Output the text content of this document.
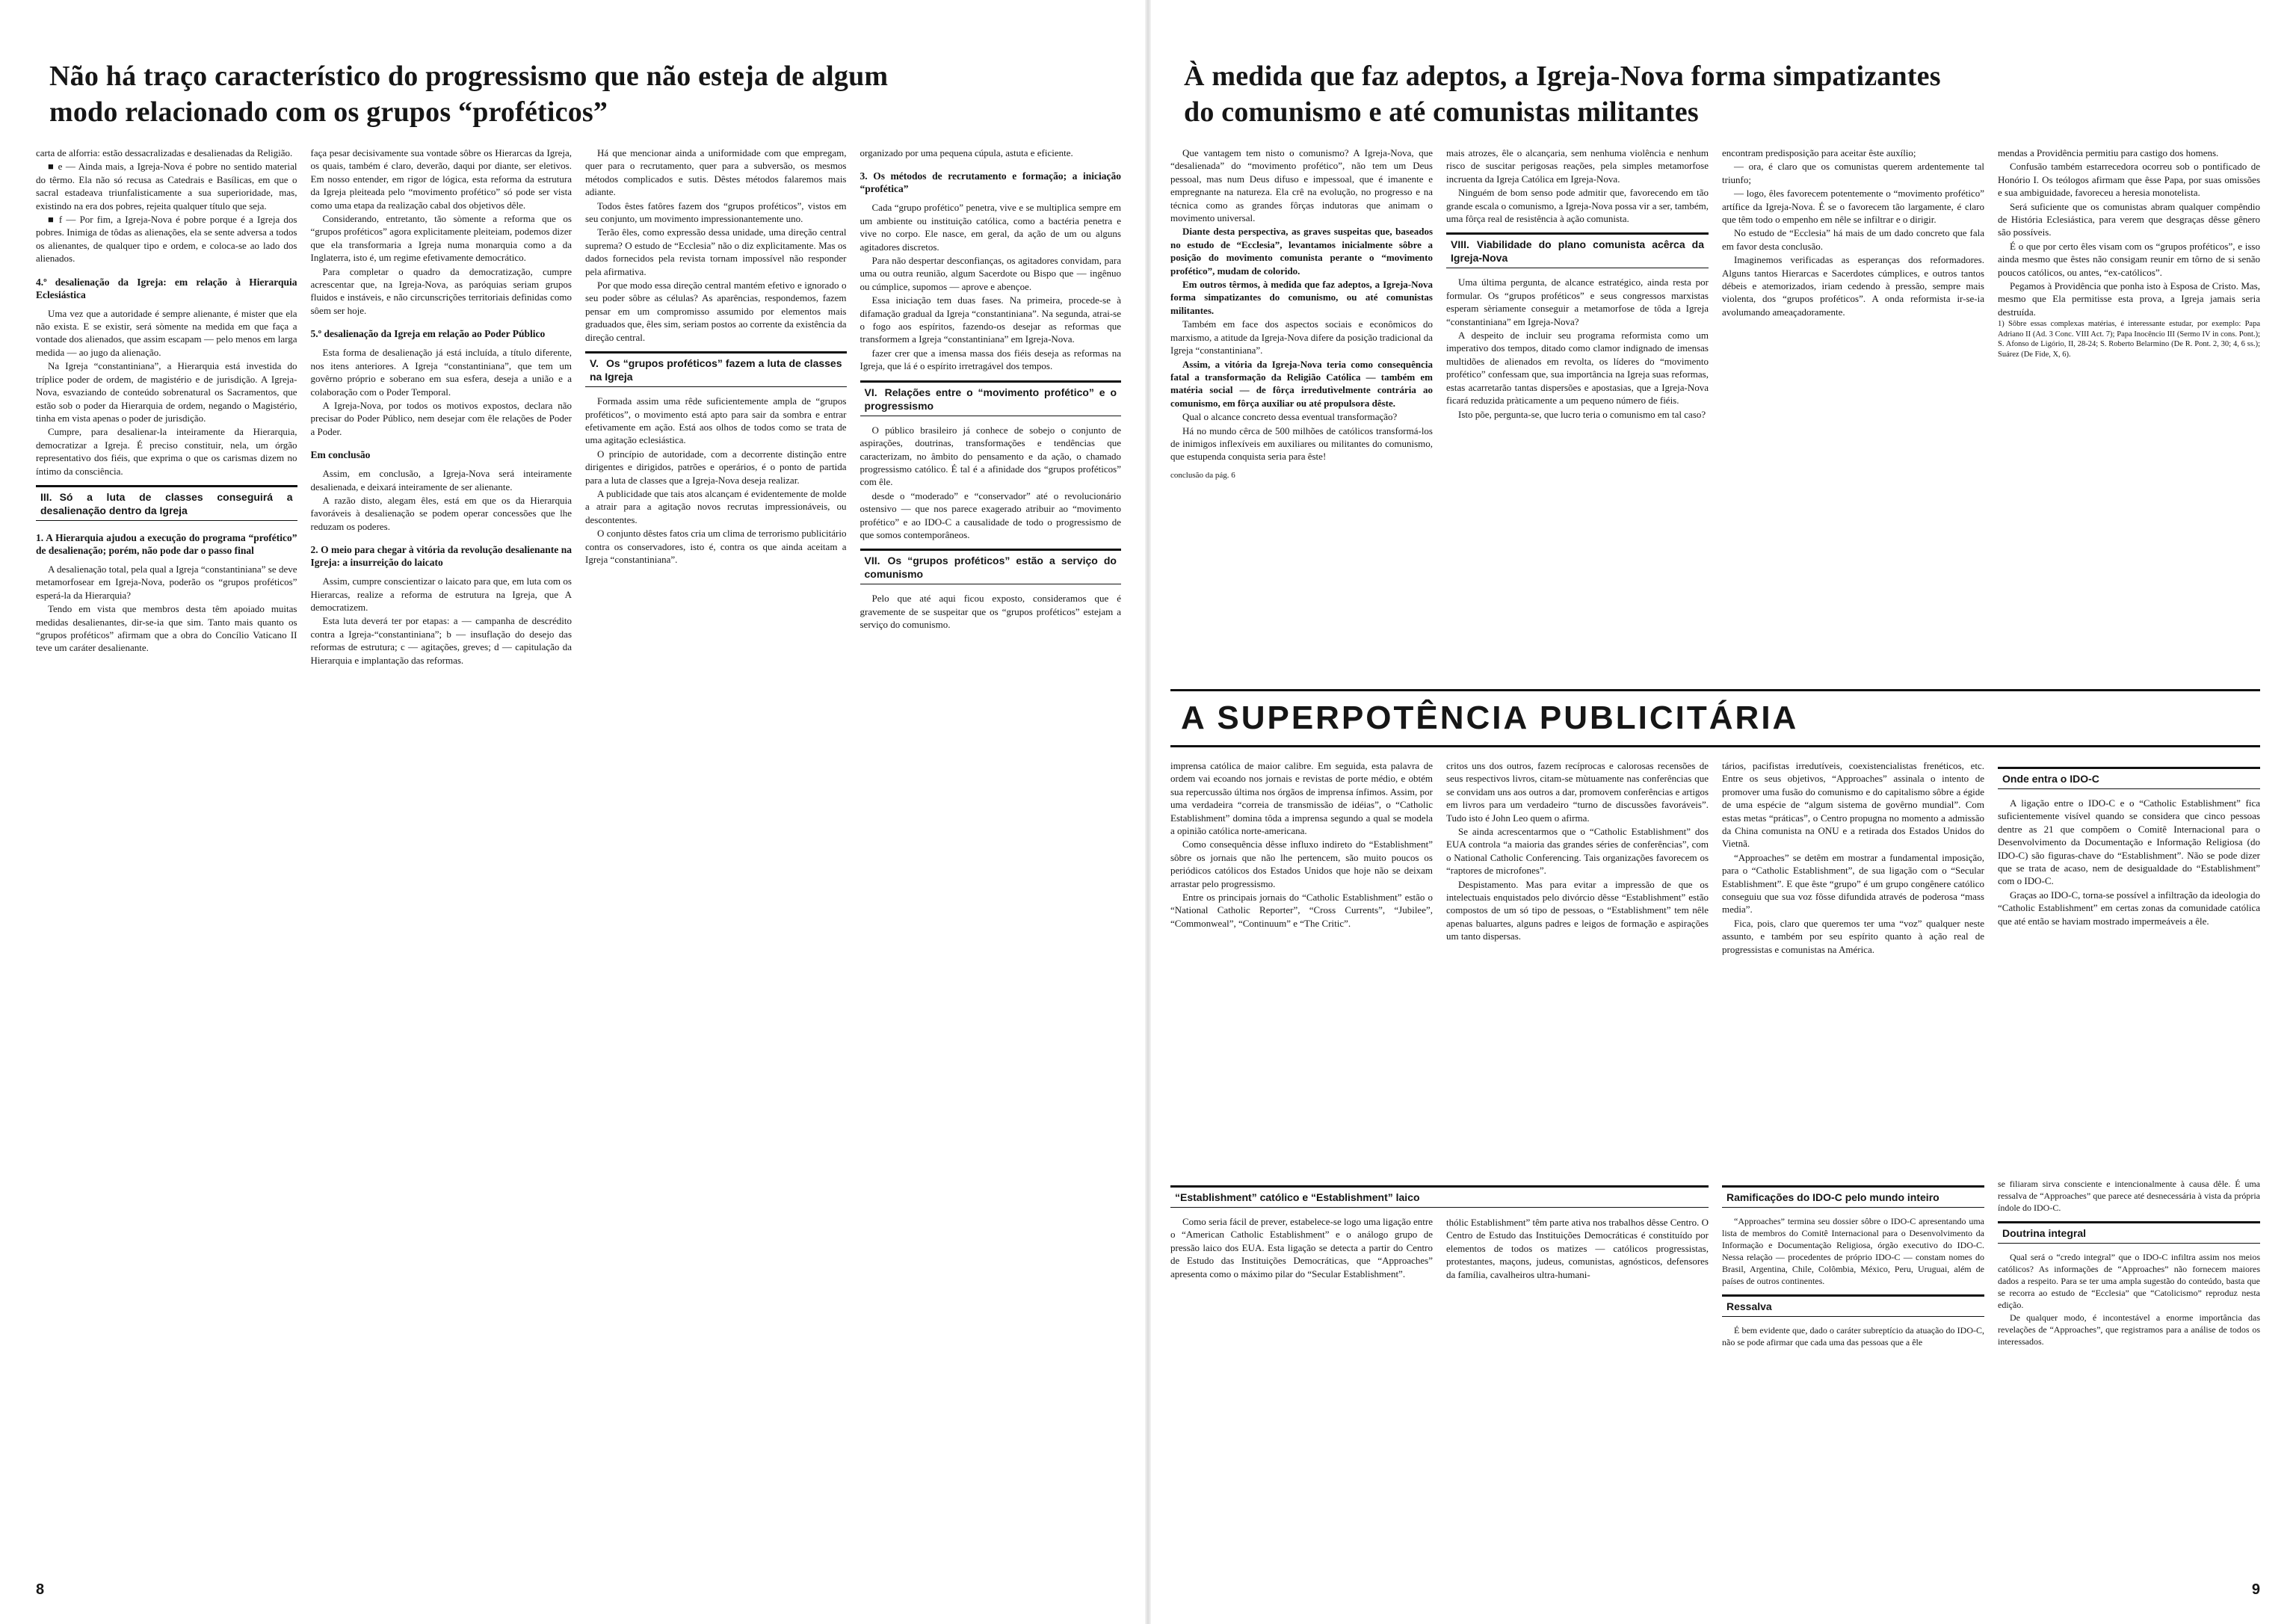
Não há traço característico do progressismo que não esteja de algum modo relacionado com os grupos “proféticos”

carta de alforria: estão dessacralizadas e desalienadas da Religião.

■ e — Ainda mais, a Igreja-Nova é pobre no sentido material do têrmo. Ela não só recusa as Catedrais e Basílicas, em que o sacral estadeava triunfalisticamente a sua superioridade, mas, existindo na era dos pobres, rejeita qualquer título que seja.

■ f — Por fim, a Igreja-Nova é pobre porque é a Igreja dos pobres. Inimiga de tôdas as alienações, ela se sente adversa a todos os alienantes, de qualquer tipo e ordem, e coloca-se ao lado dos alienados.

4.º desalienação da Igreja: em relação à Hierarquia Eclesiástica

Uma vez que a autoridade é sempre alienante, é mister que ela não exista. E se existir, será sòmente na medida em que faça a vontade dos alienados, que assim escapam — pelo menos em larga medida — ao jugo da alienação.

Na Igreja “constantiniana”, a Hierarquia está investida do tríplice poder de ordem, de magistério e de jurisdição. A Igreja-Nova, esvaziando de conteúdo sobrenatural os Sacramentos, que estão sob o poder da Hierarquia de ordem, negando o Magistério, tinha em vista apenas o poder de jurisdição.

Cumpre, para desalienar-la inteiramente da Hierarquia, democratizar a Igreja. É preciso constituir, nela, um órgão representativo dos fiéis, que exprima o que os carismas dizem no íntimo da consciência.

III. Só a luta de classes conseguirá a desalienação dentro da Igreja
1. A Hierarquia ajudou a execução do programa “profético” de desalienação; porém, não pode dar o passo final

A desalienação total, pela qual a Igreja “constantiniana” se deve metamorfosear em Igreja-Nova, poderão os “grupos proféticos” esperá-la da Hierarquia?

Tendo em vista que membros desta têm apoiado muitas medidas desalienantes, dir-se-ia que sim. Tanto mais quanto os “grupos proféticos” afirmam que a obra do Concílio Vaticano II teve um caráter desalienante.

faça pesar decisivamente sua vontade sôbre os Hierarcas da Igreja, os quais, também é claro, deverão, daqui por diante, ser eletivos. Em nosso entender, em rigor de lógica, esta reforma da estrutura da Igreja pleiteada pelo “movimento profético” só pode ser vista como uma etapa da realização cabal dos objetivos dêle.

Considerando, entretanto, tão sòmente a reforma que os “grupos proféticos” agora explicitamente pleiteiam, podemos dizer que ela transformaria a Igreja numa monarquia como a da Inglaterra, isto é, um regime efetivamente democrático.

Para completar o quadro da democratização, cumpre acrescentar que, na Igreja-Nova, as paróquias seriam grupos fluidos e instáveis, e não circunscrições territoriais definidas como sôem ser hoje.

5.º desalienação da Igreja em relação ao Poder Público

Esta forma de desalienação já está incluída, a título diferente, nos itens anteriores. A Igreja “constantiniana”, que tem um govêrno próprio e soberano em sua esfera, deseja a união e a colaboração com o Poder Temporal.

A Igreja-Nova, por todos os motivos expostos, declara não precisar do Poder Público, nem desejar com êle relações de Poder a Poder.

Em conclusão

Assim, em conclusão, a Igreja-Nova será inteiramente desalienada, e deixará inteiramente de ser alienante.

A razão disto, alegam êles, está em que os da Hierarquia favoráveis à desalienação se podem operar concessões que lhe reduzam os poderes.

2. O meio para chegar à vitória da revolução desalienante na Igreja: a insurreição do laicato

Assim, cumpre conscientizar o laicato para que, em luta com os Hierarcas, realize a reforma de estrutura na Igreja, que A democratizem.

Esta luta deverá ter por etapas: a — campanha de descrédito contra a Igreja-“constantiniana”; b — insuflação do desejo das reformas de estrutura; c — agitações, greves; d — capitulação da Hierarquia e implantação das reformas.

Há que mencionar ainda a uniformidade com que empregam, quer para o recrutamento, quer para a subversão, os mesmos métodos complicados e sutis. Dêstes métodos falaremos mais adiante.

Todos êstes fatôres fazem dos “grupos proféticos”, vistos em seu conjunto, um movimento impressionantemente uno.

Terão êles, como expressão dessa unidade, uma direção central suprema? O estudo de “Ecclesia” não o diz explìcitamente. Mas os dados fornecidos pela revista tornam impossível não responder pela afirmativa.

Por que modo essa direção central mantém efetivo e ignorado o seu poder sôbre as células? As aparências, respondemos, fazem pensar em um compromisso assumido por elementos mais graduados que, êles sim, seriam postos ao corrente da existência da direção central.

V. Os “grupos proféticos” fazem a luta de classes na Igreja

Formada assim uma rêde suficientemente ampla de “grupos proféticos”, o movimento está apto para sair da sombra e entrar efetivamente em ação. Está aos olhos de todos como se trata de uma agitação eclesiástica.

O princípio de autoridade, com a decorrente distinção entre dirigentes e dirigidos, patrões e operários, é o ponto de partida para a luta de classes que a Igreja-Nova deseja realizar.

A publicidade que tais atos alcançam é evidentemente de molde a atrair para a agitação novos recrutas impressionáveis, ou descontentes.

O conjunto dêstes fatos cria um clima de terrorismo publicitário contra os conservadores, isto é, contra os que ainda aceitam a Igreja “constantiniana”.

organizado por uma pequena cúpula, astuta e eficiente.

3. Os métodos de recrutamento e formação; a iniciação “profética”

Cada “grupo profético” penetra, vive e se multiplica sempre em um ambiente ou instituição católica, como a bactéria penetra e vive no corpo. Ele nasce, em geral, da ação de um ou alguns agitadores discretos.

Para não despertar desconfianças, os agitadores convidam, para uma ou outra reunião, algum Sacerdote ou Bispo que — ingênuo ou cúmplice, supomos — aprove e abençoe.

Essa iniciação tem duas fases. Na primeira, procede-se à difamação gradual da Igreja “constantiniana”. Na segunda, atrai-se o fogo aos espíritos, fazendo-os desejar as reformas que transformem a Igreja “constantiniana” em Igreja-Nova.

fazer crer que a imensa massa dos fiéis deseja as reformas na Igreja, que lá é o espírito irretragável dos tempos.

VI. Relações entre o “movimento profético” e o progressismo

O público brasileiro já conhece de sobejo o conjunto de aspirações, doutrinas, transformações e tendências que caracterizam, no âmbito do pensamento e da ação, o chamado progressismo católico. É tal é a afinidade dos “grupos proféticos” com êle.

desde o “moderado” e “conservador” até o revolucionário ostensivo — que nos parece exagerado atribuir ao “movimento profético” e ao IDO-C a causalidade de todo o progressismo de que somos contemporâneos.

VII. Os “grupos proféticos” estão a serviço do comunismo

Pelo que até aqui ficou exposto, consideramos que é gravemente de se suspeitar que os “grupos proféticos” estejam a serviço do comunismo.

8
À medida que faz adeptos, a Igreja-Nova forma simpatizantes do comunismo e até comunistas militantes

Que vantagem tem nisto o comunismo? A Igreja-Nova, que “desalienada” do “movimento profético”, não tem um Deus pessoal, mas num Deus difuso e impessoal, que é imanente e empregnante na natureza. Ela crê na evolução, no progresso e na técnica como as grandes fôrças indutoras que animam o movimento universal.

Diante desta perspectiva, as graves suspeitas que, baseados no estudo de “Ecclesia”, levantamos inicialmente sôbre a posição do movimento comunista perante o “movimento profético”, mudam de colorido.

Em outros têrmos, à medida que faz adeptos, a Igreja-Nova forma simpatizantes do comunismo, ou até comunistas militantes.

Também em face dos aspectos sociais e econômicos do marxismo, a atitude da Igreja-Nova difere da posição tradicional da Igreja “constantiniana”.

Assim, a vitória da Igreja-Nova teria como consequência fatal a transformação da Religião Católica — também em matéria social — de fôrça irredutìvelmente contrária ao comunismo, em fôrça auxiliar ou até propulsora dêste.

Qual o alcance concreto dessa eventual transformação?

Há no mundo cêrca de 500 milhões de católicos transformá-los de inimigos inflexíveis em auxiliares ou militantes do comunismo, que estupenda conquista seria para êste!

conclusão da pág. 6

mais atrozes, êle o alcançaria, sem nenhuma violência e nenhum risco de suscitar perigosas reações, pela simples metamorfose incruenta da Igreja Católica em Igreja-Nova.

Ninguém de bom senso pode admitir que, favorecendo em tão grande escala o comunismo, a Igreja-Nova possa vir a ser, também, uma fôrça real de resistência à ação comunista.

VIII. Viabilidade do plano comunista acêrca da Igreja-Nova

Uma última pergunta, de alcance estratégico, ainda resta por formular. Os “grupos proféticos” e seus congressos marxistas esperam sèriamente conseguir a metamorfose de tôda a Igreja “constantiniana” em Igreja-Nova?

A despeito de incluir seu programa reformista como um imperativo dos tempos, ditado como clamor indignado de imensas multidões de alienados em revolta, os líderes do “movimento profético” confessam que, sua importância na Igreja suas reformas, estas acarretarão tantas dispersões e apostasias, que a Igreja-Nova ficará reduzida pràticamente a um pequeno número de fiéis.

Isto põe, pergunta-se, que lucro teria o comunismo em tal caso?

encontram predisposição para aceitar êste auxílio;

— ora, é claro que os comunistas querem ardentemente tal triunfo;

— logo, êles favorecem potentemente o “movimento profético” artífice da Igreja-Nova. É se o favorecem tão largamente, é claro que têm todo o empenho em nêle se infiltrar e o dirigir.

No estudo de “Ecclesia” há mais de um dado concreto que fala em favor desta conclusão.

Imaginemos verificadas as esperanças dos reformadores. Alguns tantos Hierarcas e Sacerdotes cúmplices, e outros tantos débeis e atemorizados, iriam cedendo à pressão, sempre mais violenta, dos “grupos proféticos”. A onda reformista ir-se-ia avolumando ameaçadoramente.

mendas a Providência permitiu para castigo dos homens.

Confusão também estarrecedora ocorreu sob o pontificado de Honório I. Os teólogos afirmam que êsse Papa, por suas omissões e sua ambiguidade, favoreceu a heresia monotelista.

Será suficiente que os comunistas abram qualquer compêndio de História Eclesiástica, para verem que desgraças dêsse gênero são possíveis.

É o que por certo êles visam com os “grupos proféticos”, e isso ainda mesmo que êstes não consigam reunir em tôrno de si senão poucos católicos, ou antes, “ex-católicos”.

Pegamos à Providência que ponha isto à Esposa de Cristo. Mas, mesmo que Ela permitisse esta prova, a Igreja jamais seria destruída.

1) Sôbre essas complexas matérias, é interessante estudar, por exemplo: Papa Adriano II (Ad. 3 Conc. VIII Act. 7); Papa Inocêncio III (Sermo IV in cons. Pont.); S. Afonso de Ligório, II, 28-24; S. Roberto Belarmino (De R. Pont. 2, 30; 4, 6 ss.); Suárez (De Fide, X, 6).

A SUPERPOTÊNCIA PUBLICITÁRIA

imprensa católica de maior calibre. Em seguida, esta palavra de ordem vai ecoando nos jornais e revistas de porte médio, e obtém sua repercussão última nos órgãos de imprensa ínfimos. Assim, por uma verdadeira “correia de transmissão de idéias”, o “Catholic Establishment” domina tôda a imprensa segundo a qual se modela a opinião católica norte-americana.

Como consequência dêsse influxo indireto do “Establishment” sôbre os jornais que não lhe pertencem, são muito poucos os periódicos católicos dos Estados Unidos que hoje não se deixam arrastar pelo progressismo.

Entre os principais jornais do “Catholic Establishment” estão o “National Catholic Reporter”, “Cross Currents”, “Jubilee”, “Commonweal”, “Continuum” e “The Critic”.

critos uns dos outros, fazem recíprocas e calorosas recensões de seus respectivos livros, citam-se mùtuamente nas conferências que se convidam uns aos outros a dar, promovem conferências e artigos em livros para um verdadeiro “turno de discussões favoráveis”. Tudo isto é John Leo quem o afirma.

Se ainda acrescentarmos que o “Catholic Establishment” dos EUA controla “a maioria das grandes séries de conferências”, com o National Catholic Conferencing. Tais organizações favorecem os “raptores de microfones”.

Despistamento. Mas para evitar a impressão de que os intelectuais enquistados pelo divórcio dêsse “Establishment” estão compostos de um só tipo de pessoas, o “Establishment” tem nêle apenas baluartes, alguns padres e leigos de formação e aspirações um tanto dispersas.

tários, pacifistas irredutíveis, coexistencialistas frenéticos, etc. Entre os seus objetivos, “Approaches” assinala o intento de promover uma fusão do comunismo e do capitalismo sôbre a égide de uma espécie de “algum sistema de govêrno mundial”. Com estas metas “práticas”, o Centro propugna no momento a admissão da China comunista na ONU e a retirada dos Estados Unidos do Vietnã.

“Approaches” se detêm em mostrar a fundamental imposição, para o “Catholic Establishment”, de sua ligação com o “Secular Establishment”. E que êste “grupo” é um grupo congênere católico conseguiu que sua voz fôsse difundida através de poderosa “mass media”.

Fica, pois, claro que queremos ter uma “voz” qualquer neste assunto, e também por seu espírito quanto à ação real de progressistas e comunistas na América.

Onde entra o IDO-C

A ligação entre o IDO-C e o “Catholic Establishment” fica suficientemente visível quando se considera que cinco pessoas dentre as 21 que compõem o Comitê Internacional para o Desenvolvimento da Documentação e Informação Religiosa (do IDO-C) são figuras-chave do “Establishment”. Não se pode dizer que se trata de acaso, nem de desigualdade do “Establishment” com o IDO-C.

Graças ao IDO-C, torna-se possível a infiltração da ideologia do “Catholic Establishment” em certas zonas da comunidade católica que até então se haviam mostrado impermeáveis a êle.

“Establishment” católico e “Establishment” laico

Como seria fácil de prever, estabelece-se logo uma ligação entre o “American Catholic Establishment” e o análogo grupo de pressão laico dos EUA. Esta ligação se detecta a partir do Centro de Estudo das Instituições Democráticas, que “Approaches” apresenta como o máximo pilar do “Secular Establishment”.

thólic Establishment” têm parte ativa nos trabalhos dêsse Centro. O Centro de Estudo das Instituições Democráticas é constituído por elementos de todos os matizes — católicos progressistas, protestantes, maçons, judeus, comunistas, agnósticos, defensores da família, cavalheiros ultra-humani-

Ramificações do IDO-C pelo mundo inteiro

“Approaches” termina seu dossier sôbre o IDO-C apresentando uma lista de membros do Comitê Internacional para o Desenvolvimento da Informação e Documentação Religiosa, órgão executivo do IDO-C. Nessa relação — procedentes de próprio IDO-C — constam nomes do Brasil, Argentina, Chile, Colômbia, México, Peru, Uruguai, além de países de outros continentes.

Ressalva

É bem evidente que, dado o caráter subreptício da atuação do IDO-C, não se pode afirmar que cada uma das pessoas que a êle

se filiaram sirva consciente e intencionalmente à causa dêle. É uma ressalva de “Approaches” que parece até desnecessária à vista da própria índole do IDO-C.

Doutrina integral

Qual será o “credo integral” que o IDO-C infiltra assim nos meios católicos? As informações de “Approaches” não fornecem maiores dados a respeito. Para se ter uma ampla sugestão do conteúdo, basta que se recorra ao estudo de “Ecclesia” que “Catolicismo” reproduz nesta edição.

De qualquer modo, é incontestável a enorme importância das revelações de “Approaches”, que registramos para a análise de todos os interessados.

9
